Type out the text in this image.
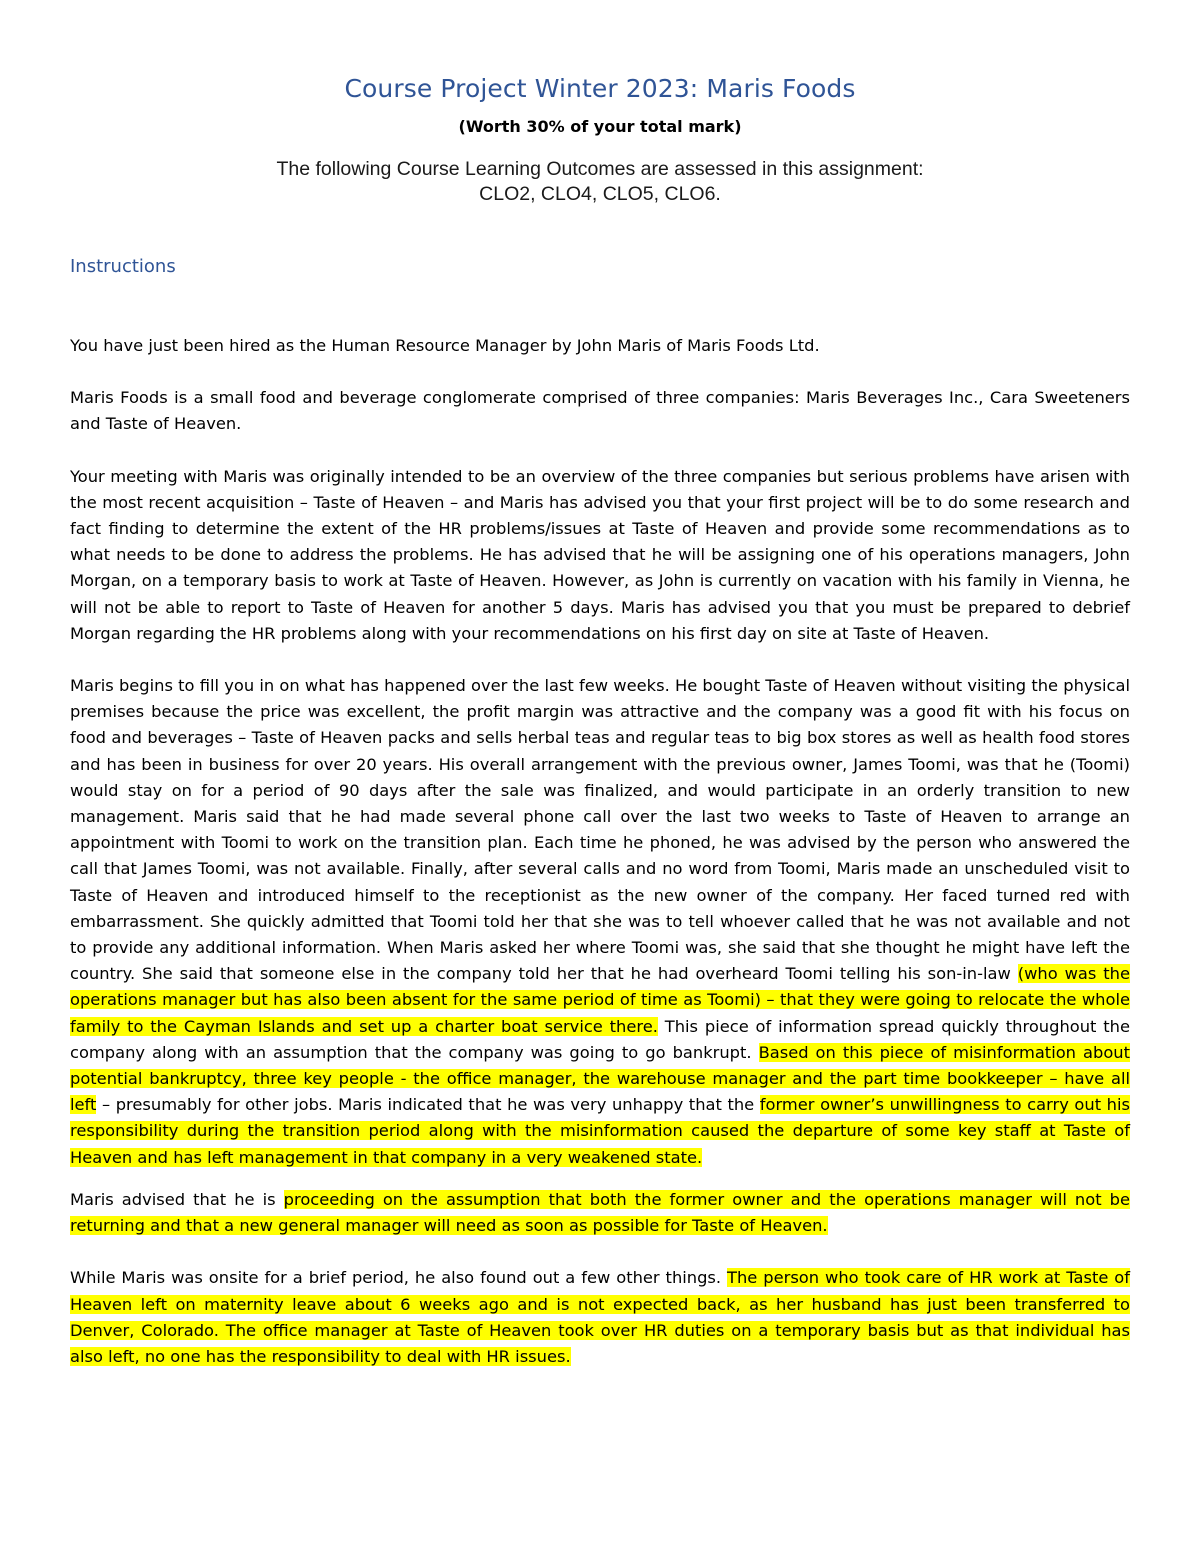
Course Project Winter 2023: Maris Foods
(Worth 30% of your total mark)
The following Course Learning Outcomes are assessed in this assignment:
CLO2, CLO4, CLO5, CLO6.
Instructions

You have just been hired as the Human Resource Manager by John Maris of Maris Foods Ltd.

Maris Foods is a small food and beverage conglomerate comprised of three companies: Maris Beverages Inc., Cara Sweeteners and Taste of Heaven.

Your meeting with Maris was originally intended to be an overview of the three companies but serious problems have arisen with the most recent acquisition – Taste of Heaven – and Maris has advised you that your first project will be to do some research and fact finding to determine the extent of the HR problems/issues at Taste of Heaven and provide some recommendations as to what needs to be done to address the problems. He has advised that he will be assigning one of his operations managers, John Morgan, on a temporary basis to work at Taste of Heaven. However, as John is currently on vacation with his family in Vienna, he will not be able to report to Taste of Heaven for another 5 days. Maris has advised you that you must be prepared to debrief Morgan regarding the HR problems along with your recommendations on his first day on site at Taste of Heaven.

Maris begins to fill you in on what has happened over the last few weeks. He bought Taste of Heaven without visiting the physical premises because the price was excellent, the profit margin was attractive and the company was a good fit with his focus on food and beverages – Taste of Heaven packs and sells herbal teas and regular teas to big box stores as well as health food stores and has been in business for over 20 years. His overall arrangement with the previous owner, James Toomi, was that he (Toomi) would stay on for a period of 90 days after the sale was finalized, and would participate in an orderly transition to new management. Maris said that he had made several phone call over the last two weeks to Taste of Heaven to arrange an appointment with Toomi to work on the transition plan. Each time he phoned, he was advised by the person who answered the call that James Toomi, was not available. Finally, after several calls and no word from Toomi, Maris made an unscheduled visit to Taste of Heaven and introduced himself to the receptionist as the new owner of the company. Her faced turned red with embarrassment. She quickly admitted that Toomi told her that she was to tell whoever called that he was not available and not to provide any additional information. When Maris asked her where Toomi was, she said that she thought he might have left the country. She said that someone else in the company told her that he had overheard Toomi telling his son-in-law (who was the operations manager but has also been absent for the same period of time as Toomi) – that they were going to relocate the whole family to the Cayman Islands and set up a charter boat service there. This piece of information spread quickly throughout the company along with an assumption that the company was going to go bankrupt. Based on this piece of misinformation about potential bankruptcy, three key people - the office manager, the warehouse manager and the part time bookkeeper – have all left – presumably for other jobs. Maris indicated that he was very unhappy that the former owner’s unwillingness to carry out his responsibility during the transition period along with the misinformation caused the departure of some key staff at Taste of Heaven and has left management in that company in a very weakened state.

Maris advised that he is proceeding on the assumption that both the former owner and the operations manager will not be returning and that a new general manager will need as soon as possible for Taste of Heaven.

While Maris was onsite for a brief period, he also found out a few other things. The person who took care of HR work at Taste of Heaven left on maternity leave about 6 weeks ago and is not expected back, as her husband has just been transferred to Denver, Colorado. The office manager at Taste of Heaven took over HR duties on a temporary basis but as that individual has also left, no one has the responsibility to deal with HR issues.
